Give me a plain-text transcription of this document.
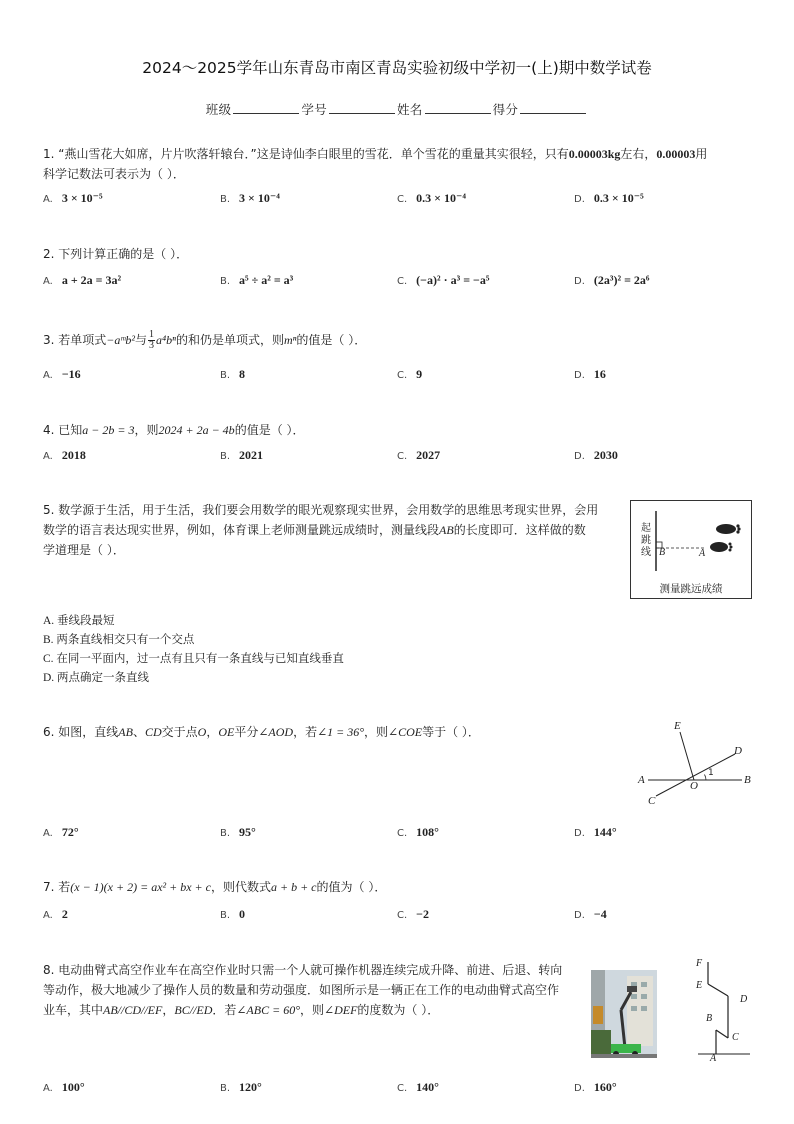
2024～2025学年山东青岛市南区青岛实验初级中学初一(上)期中数学试卷
班级	学号	姓名	得分
1. “燕山雪花大如席，片片吹落轩辕台．”这是诗仙李白眼里的雪花．单个雪花的重量其实很轻，只有0.00003kg左右，0.00003用
科学记数法可表示为（ ）．
A. 3 × 10⁻⁵	B. 3 × 10⁻⁴	C. 0.3 × 10⁻⁴	D. 0.3 × 10⁻⁵
2. 下列计算正确的是（ ）．
A. a + 2a = 3a²	B. a⁵ ÷ a² = a³	C. (−a)² · a³ = −a⁵	D. (2a³)² = 2a⁶
3. 若单项式−aᵐb²与 $\frac{1}{3} a^4b^n$的和仍是单项式，则mⁿ的值是（ ）．
A. −16	B. 8	C. 9	D. 16
4. 已知a − 2b = 3，则2024 + 2a − 4b的值是（ ）．
A. 2018	B. 2021	C. 2027	D. 2030
5. 数学源于生活，用于生活，我们要会用数学的眼光观察现实世界，会用数学的思维思考现实世界，会用
数学的语言表达现实世界，例如，体育课上老师测量跳远成绩时，测量线段AB的长度即可．这样做的数
学道理是（ ）．
起跳线 B	A
测量跳远成绩
A. 垂线段最短
B. 两条直线相交只有一个交点
C. 在同一平面内，过一点有且只有一条直线与已知直线垂直
D. 两点确定一条直线
6. 如图，直线AB、CD交于点O，OE平分∠AOD，若∠1 = 36°，则∠COE等于（ ）．	E
D
A	B
C
O
1
A. 72°	B. 95°	C. 108°	D. 144°
7. 若(x − 1)(x + 2) = ax² + bx + c，则代数式a + b + c的值为（ ）．
A. 2	B. 0	C. −2	D. −4
8. 电动曲臂式高空作业车在高空作业时只需一个人就可操作机器连续完成升降、前进、后退、转向
等动作，极大地减少了操作人员的数量和劳动强度．如图所示是一辆正在工作的电动曲臂式高空作
业车，其中AB//CD//EF，BC//ED．若∠ABC = 60°，则∠DEF的度数为（ ）．
F
E
D
B
C
A
A. 100°	B. 120°	C. 140°	D. 160°
